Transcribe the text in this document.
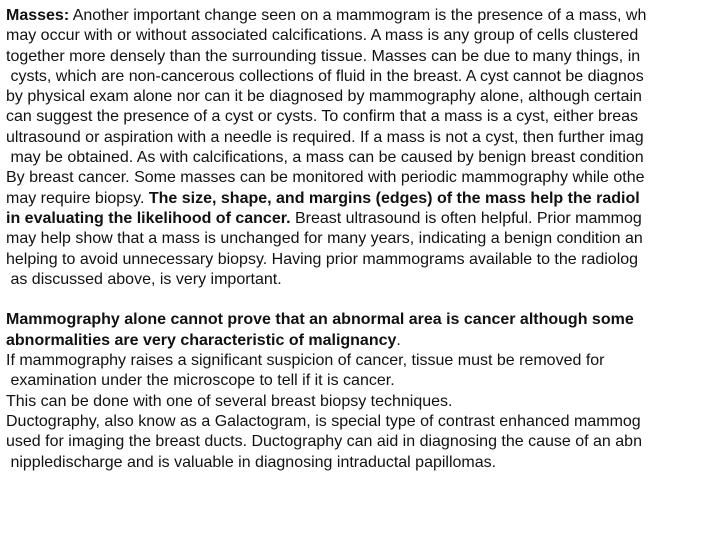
Masses: Another important change seen on a mammogram is the presence of a mass, wh
may occur with or without associated calcifications. A mass is any group of cells clustered
together more densely than the surrounding tissue. Masses can be due to many things, in
cysts, which are non-cancerous collections of fluid in the breast. A cyst cannot be diagnos
by physical exam alone nor can it be diagnosed by mammography alone, although certain
can suggest the presence of a cyst or cysts. To confirm that a mass is a cyst, either breas
ultrasound or aspiration with a needle is required. If a mass is not a cyst, then further imag
may be obtained. As with calcifications, a mass can be caused by benign breast condition
By breast cancer. Some masses can be monitored with periodic mammography while othe
may require biopsy. The size, shape, and margins (edges) of the mass help the radiol
in evaluating the likelihood of cancer. Breast ultrasound is often helpful. Prior mammog
may help show that a mass is unchanged for many years, indicating a benign condition an
helping to avoid unnecessary biopsy. Having prior mammograms available to the radiolog
as discussed above, is very important.
Mammography alone cannot prove that an abnormal area is cancer although some
abnormalities are very characteristic of malignancy.
If mammography raises a significant suspicion of cancer, tissue must be removed for
examination under the microscope to tell if it is cancer.
This can be done with one of several breast biopsy techniques.
Ductography, also know as a Galactogram, is special type of contrast enhanced mammog
used for imaging the breast ducts. Ductography can aid in diagnosing the cause of an abn
nippledischarge and is valuable in diagnosing intraductal papillomas.
